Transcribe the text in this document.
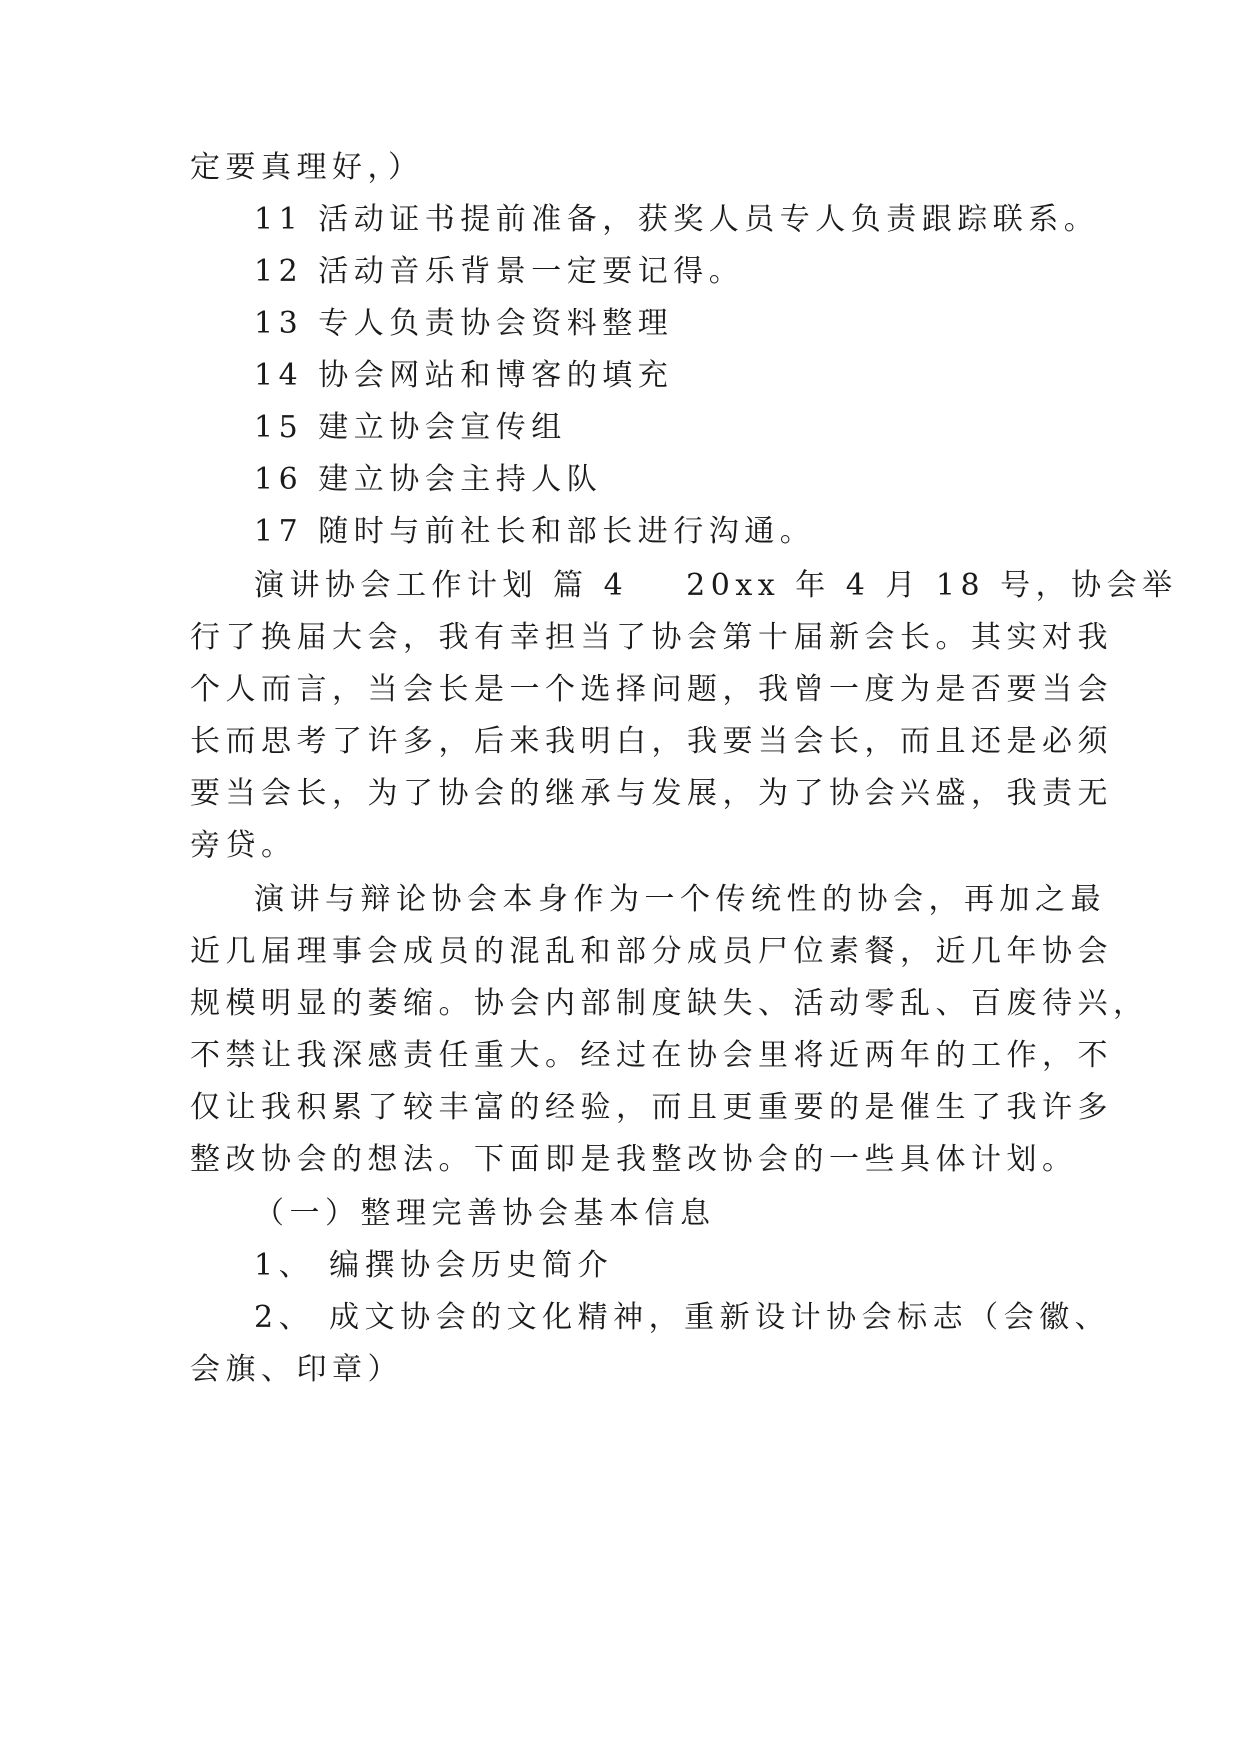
定要真理好，）
11 活动证书提前准备，获奖人员专人负责跟踪联系。
12 活动音乐背景一定要记得。
13 专人负责协会资料整理
14 协会网站和博客的填充
15 建立协会宣传组
16 建立协会主持人队
17 随时与前社长和部长进行沟通。
演讲协会工作计划 篇 4 20xx 年 4 月 18 号，协会举
行了换届大会，我有幸担当了协会第十届新会长。其实对我
个人而言，当会长是一个选择问题，我曾一度为是否要当会
长而思考了许多，后来我明白，我要当会长，而且还是必须
要当会长，为了协会的继承与发展，为了协会兴盛，我责无
旁贷。
演讲与辩论协会本身作为一个传统性的协会，再加之最
近几届理事会成员的混乱和部分成员尸位素餐，近几年协会
规模明显的萎缩。协会内部制度缺失、活动零乱、百废待兴，
不禁让我深感责任重大。经过在协会里将近两年的工作，不
仅让我积累了较丰富的经验，而且更重要的是催生了我许多
整改协会的想法。下面即是我整改协会的一些具体计划。
（一）整理完善协会基本信息
1、 编撰协会历史简介
2、 成文协会的文化精神，重新设计协会标志（会徽、
会旗、印章）
